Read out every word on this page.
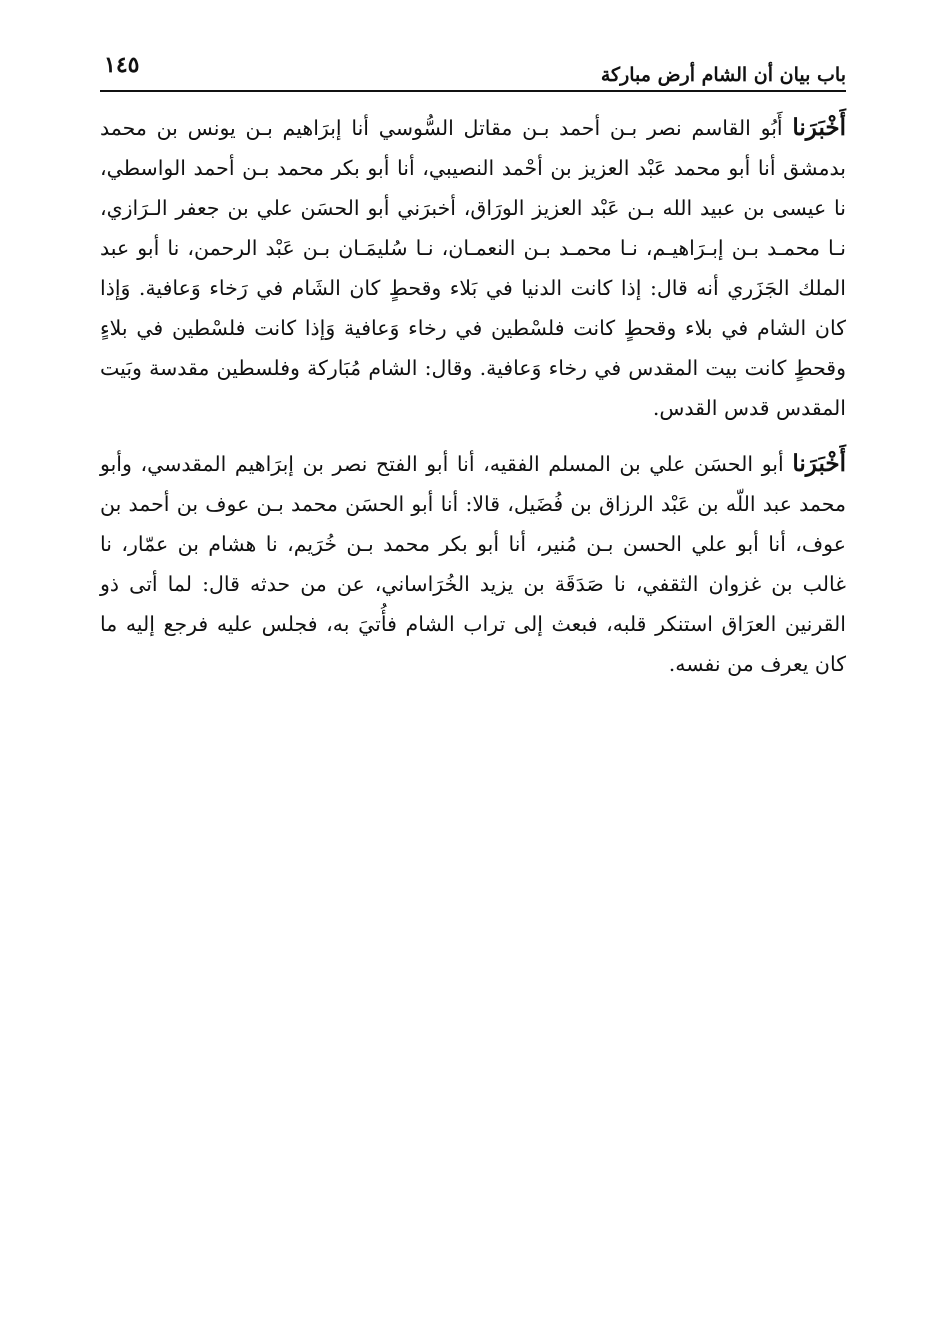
باب بيان أن الشام أرض مباركة
١٤٥

أَخْبَرَنا أَبُو القاسم نصر بـن أحمد بـن مقاتل السُّوسي أنا إبرَاهيم بـن يونس بن محمد بدمشق أنا أبو محمد عَبْد العزيز بن أحْمد النصيبي، أنا أبو بكر محمد بـن أحمد الواسطي، نا عيسى بن عبيد الله بـن عَبْد العزيز الورَاق، أخبرَني أبو الحسَن علي بن جعفر الـرَازي، نـا محمـد بـن إبـرَاهيـم، نـا محمـد بـن النعمـان، نـا سُليمَـان بـن عَبْد الرحمن، نا أبو عبد الملك الجَزَري أنه قال: إذا كانت الدنيا في بَلاء وقحطٍ كان الشَام في رَخاء وَعافية. وَإذا كان الشام في بلاء وقحطٍ كانت فلسْطين في رخاء وَعافية وَإذا كانت فلسْطين في بلاءٍ وقحطٍ كانت بيت المقدس في رخاء وَعافية. وقال: الشام مُبَاركة وفلسطين مقدسة وبَيت المقدس قدس القدس.

أَخْبَرَنا أبو الحسَن علي بن المسلم الفقيه، أنا أبو الفتح نصر بن إبرَاهيم المقدسي، وأبو محمد عبد اللّه بن عَبْد الرزاق بن فُضَيل، قالا: أنا أبو الحسَن محمد بـن عوف بن أحمد بن عوف، أنا أبو علي الحسن بـن مُنير، أنا أبو بكر محمد بـن خُرَيم، نا هشام بن عمّار، نا غالب بن غزوان الثقفي، نا صَدَقَة بن يزيد الخُرَاساني، عن من حدثه قال: لما أتى ذو القرنين العرَاق استنكر قلبه، فبعث إلى تراب الشام فأُتيَ به، فجلس عليه فرجع إليه ما كان يعرف من نفسه.
